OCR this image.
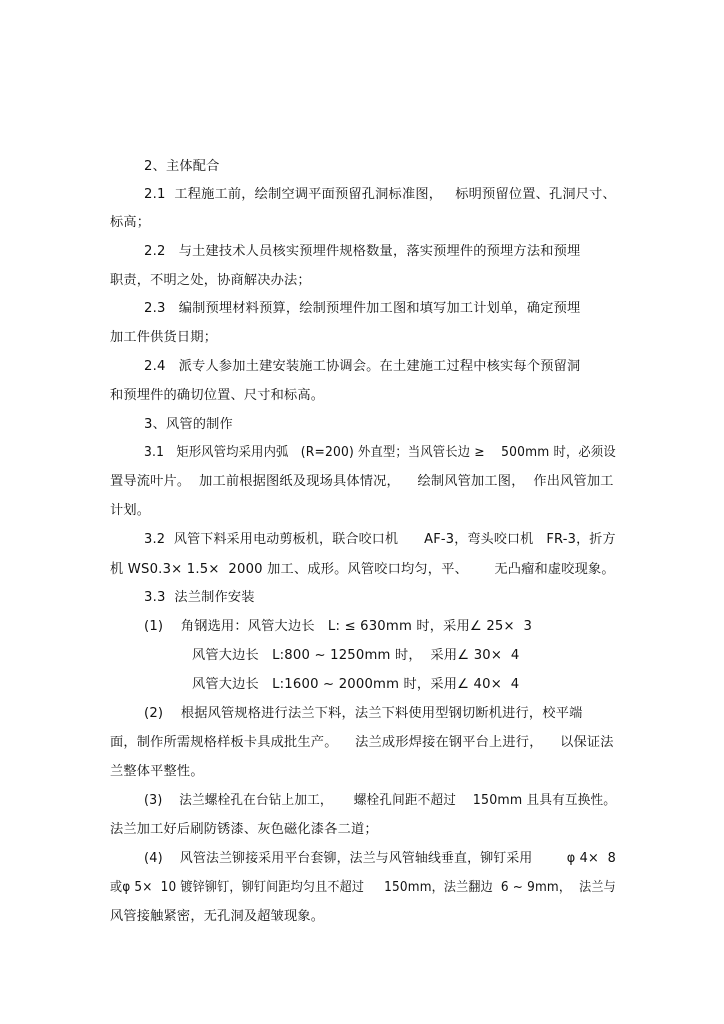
2、主体配合
2.1  工程施工前，绘制空调平面预留孔洞标准图，   标明预留位置、孔洞尺寸、
标高；
2.2   与土建技术人员核实预埋件规格数量，落实预埋件的预埋方法和预埋
职责，不明之处，协商解决办法；
2.3   编制预埋材料预算，绘制预埋件加工图和填写加工计划单，确定预埋
加工件供货日期；
2.4   派专人参加土建安装施工协调会。在土建施工过程中核实每个预留洞
和预埋件的确切位置、尺寸和标高。
3、风管的制作
3.1   矩形风管均采用内弧   (R=200) 外直型；当风管长边 ≥    500mm 时，必须设
置导流叶片。  加工前根据图纸及现场具体情况，    绘制风管加工图，  作出风管加工
计划。
3.2  风管下料采用电动剪板机，联合咬口机      AF-3，弯头咬口机   FR-3，折方
机 WS0.3× 1.5×  2000 加工、成形。风管咬口均匀，平、      无凸瘤和虚咬现象。
3.3  法兰制作安装
(1)    角钢选用：风管大边长   L: ≤ 630mm 时，采用∠ 25×  3
风管大边长   L:800 ~ 1250mm 时，  采用∠ 30×  4
风管大边长   L:1600 ~ 2000mm 时，采用∠ 40×  4
(2)    根据风管规格进行法兰下料，法兰下料使用型钢切断机进行，校平端
面，制作所需规格样板卡具成批生产。    法兰成形焊接在钢平台上进行，    以保证法
兰整体平整性。
(3)    法兰螺栓孔在台钻上加工，     螺栓孔间距不超过    150mm 且具有互换性。
法兰加工好后刷防锈漆、灰色磁化漆各二道；
(4)    风管法兰铆接采用平台套铆，法兰与风管轴线垂直，铆钉采用        φ 4×  8
或φ 5×  10 镀锌铆钉，铆钉间距均匀且不超过     150mm，法兰翻边  6 ~ 9mm，  法兰与
风管接触紧密，无孔洞及超皱现象。
